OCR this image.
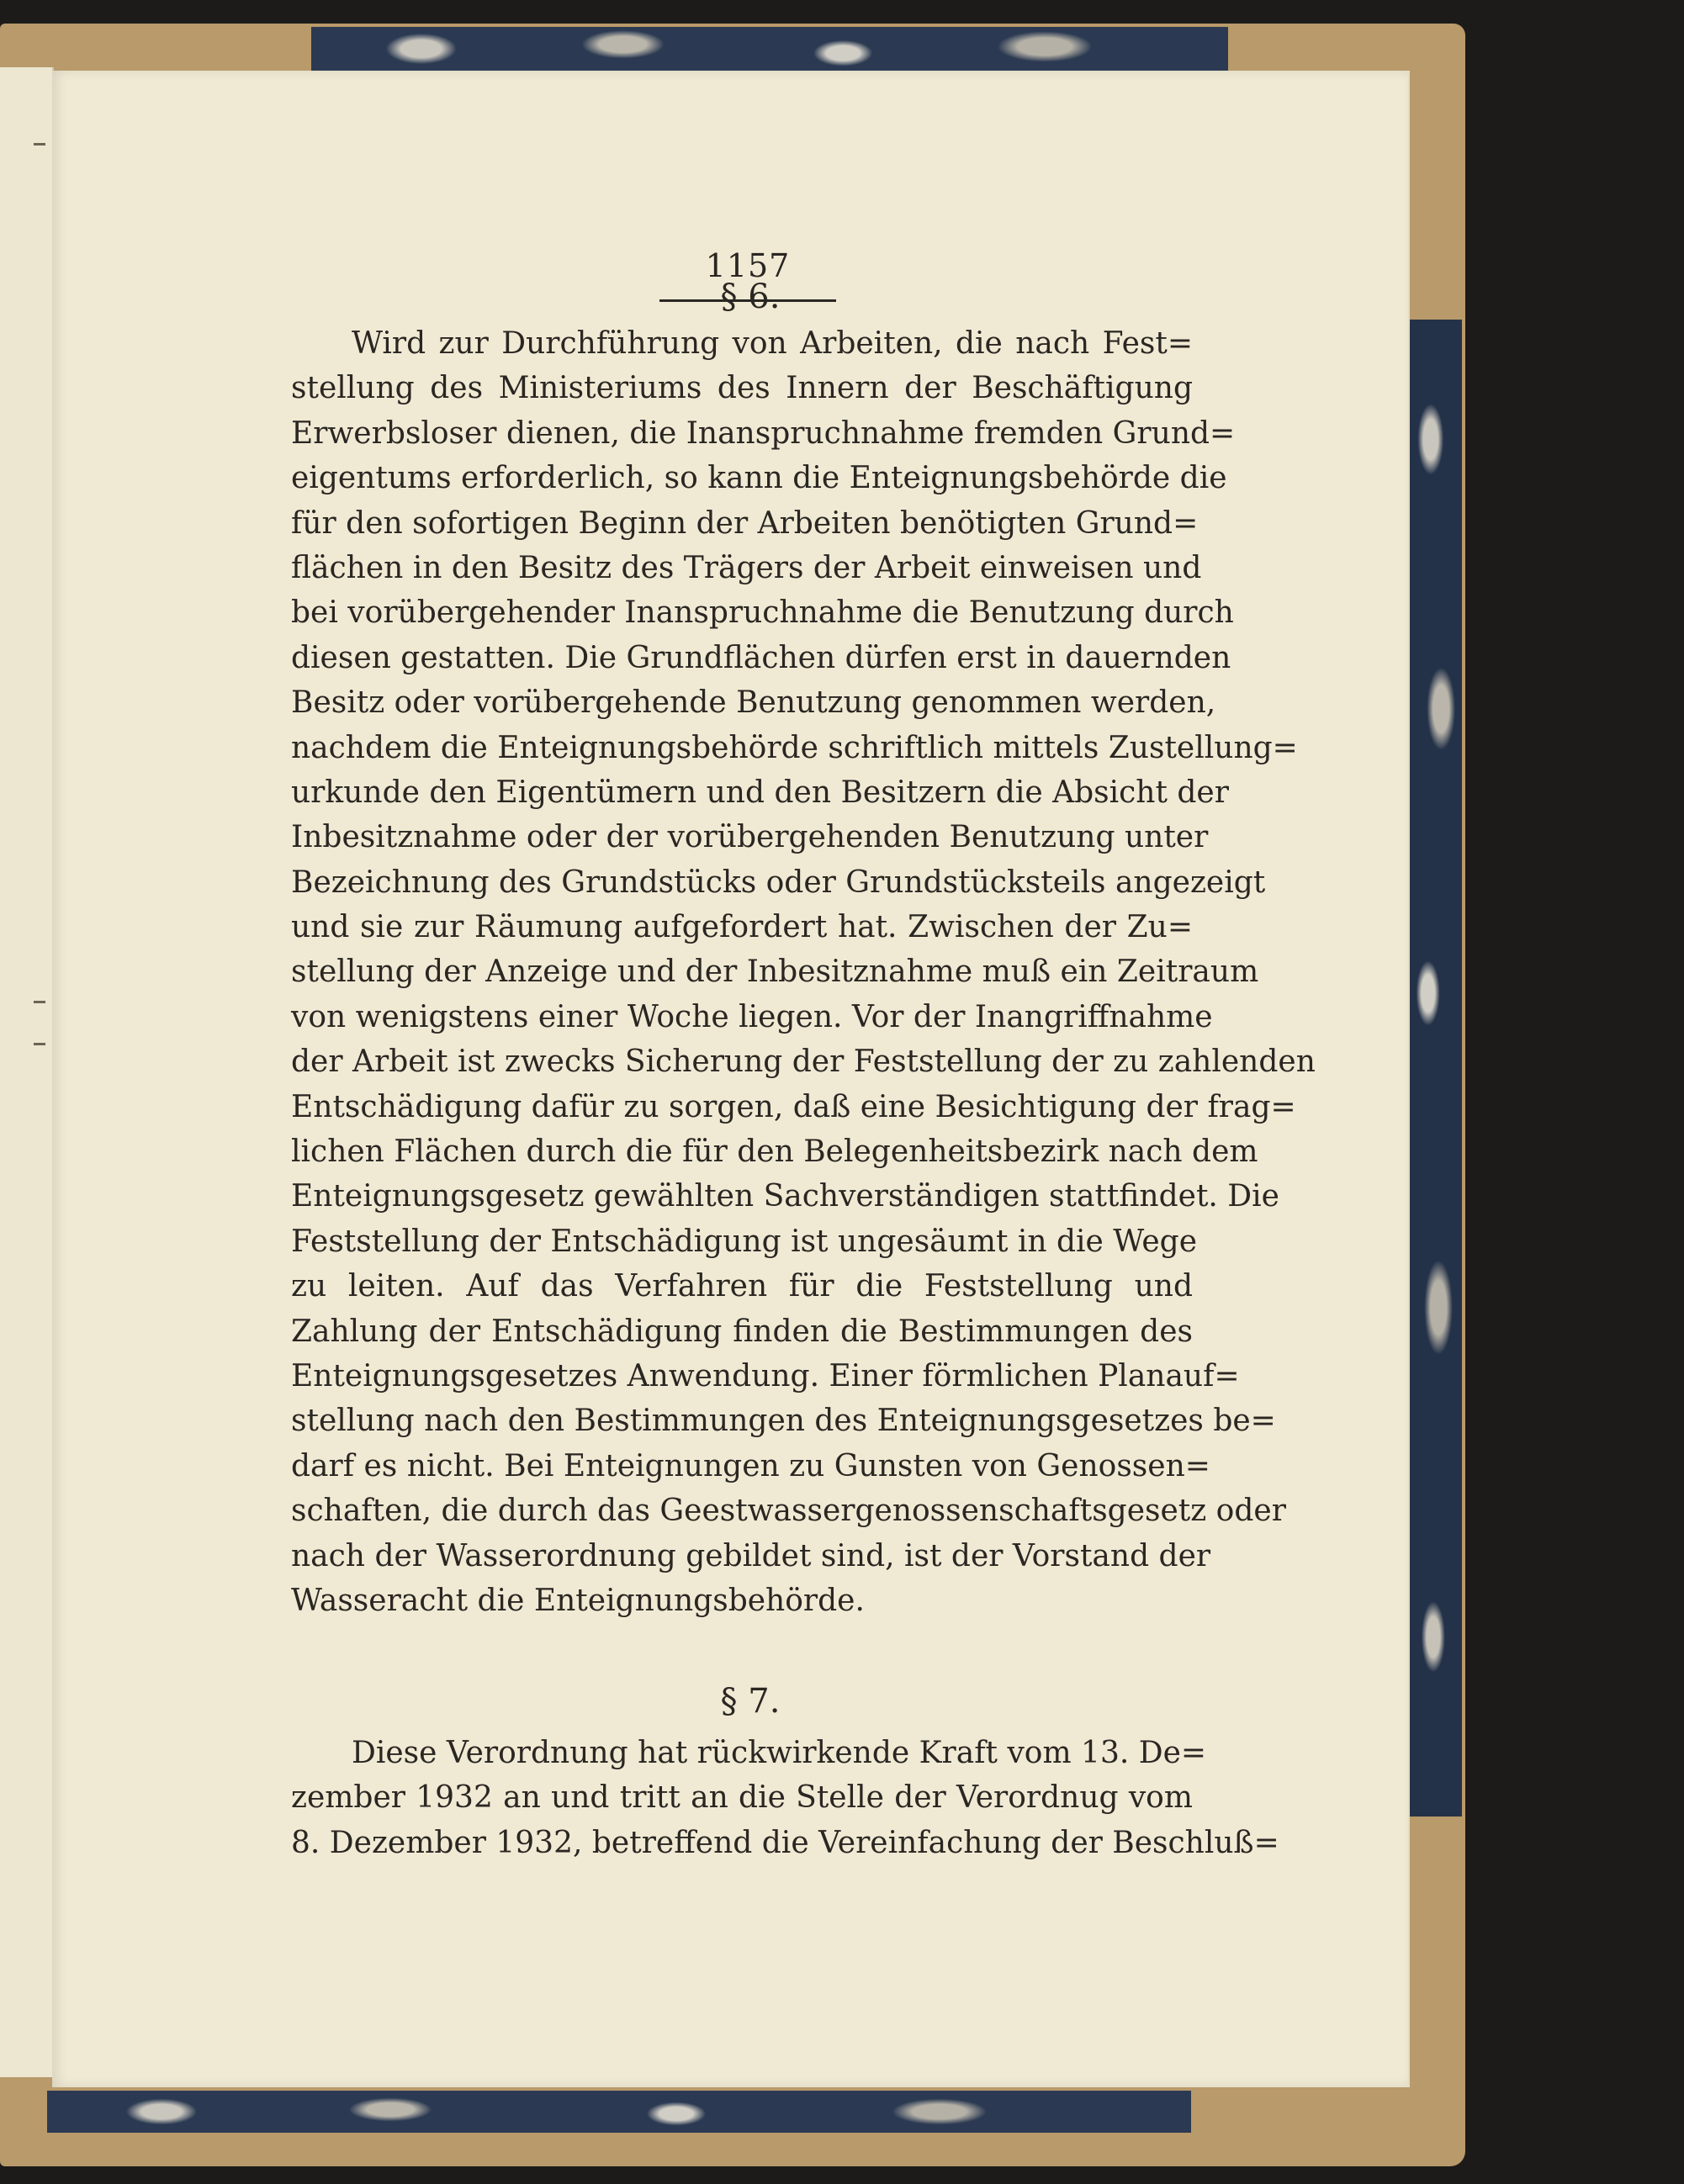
1157
§ 6.
Wird zur Durchführung von Arbeiten, die nach Fest=
stellung des Ministeriums des Innern der Beschäftigung
Erwerbsloser dienen, die Inanspruchnahme fremden Grund=
eigentums erforderlich, so kann die Enteignungsbehörde die
für den sofortigen Beginn der Arbeiten benötigten Grund=
flächen in den Besitz des Trägers der Arbeit einweisen und
bei vorübergehender Inanspruchnahme die Benutzung durch
diesen gestatten. Die Grundflächen dürfen erst in dauernden
Besitz oder vorübergehende Benutzung genommen werden,
nachdem die Enteignungsbehörde schriftlich mittels Zustellung=
urkunde den Eigentümern und den Besitzern die Absicht der
Inbesitznahme oder der vorübergehenden Benutzung unter
Bezeichnung des Grundstücks oder Grundstücksteils angezeigt
und sie zur Räumung aufgefordert hat. Zwischen der Zu=
stellung der Anzeige und der Inbesitznahme muß ein Zeitraum
von wenigstens einer Woche liegen. Vor der Inangriffnahme
der Arbeit ist zwecks Sicherung der Feststellung der zu zahlenden
Entschädigung dafür zu sorgen, daß eine Besichtigung der frag=
lichen Flächen durch die für den Belegenheitsbezirk nach dem
Enteignungsgesetz gewählten Sachverständigen stattfindet. Die
Feststellung der Entschädigung ist ungesäumt in die Wege
zu leiten. Auf das Verfahren für die Feststellung und
Zahlung der Entschädigung finden die Bestimmungen des
Enteignungsgesetzes Anwendung. Einer förmlichen Planauf=
stellung nach den Bestimmungen des Enteignungsgesetzes be=
darf es nicht. Bei Enteignungen zu Gunsten von Genossen=
schaften, die durch das Geestwassergenossenschaftsgesetz oder
nach der Wasserordnung gebildet sind, ist der Vorstand der
Wasseracht die Enteignungsbehörde.
§ 7.
Diese Verordnung hat rückwirkende Kraft vom 13. De=
zember 1932 an und tritt an die Stelle der Verordnug vom
8. Dezember 1932, betreffend die Vereinfachung der Beschluß=
